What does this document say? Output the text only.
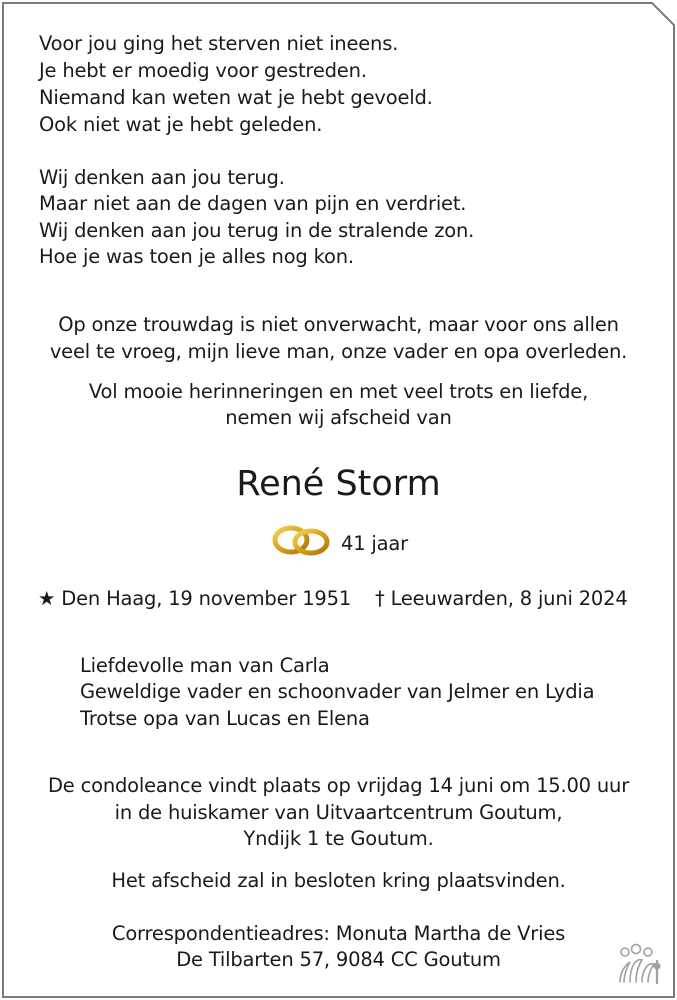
Voor jou ging het sterven niet ineens.
Je hebt er moedig voor gestreden.
Niemand kan weten wat je hebt gevoeld.
Ook niet wat je hebt geleden.
Wij denken aan jou terug.
Maar niet aan de dagen van pijn en verdriet.
Wij denken aan jou terug in de stralende zon.
Hoe je was toen je alles nog kon.
Op onze trouwdag is niet onverwacht, maar voor ons allen
veel te vroeg, mijn lieve man, onze vader en opa overleden.
Vol mooie herinneringen en met veel trots en liefde,
nemen wij afscheid van
René Storm
41 jaar
★ Den Haag, 19 november 1951 † Leeuwarden, 8 juni 2024
Liefdevolle man van Carla
Geweldige vader en schoonvader van Jelmer en Lydia
Trotse opa van Lucas en Elena
De condoleance vindt plaats op vrijdag 14 juni om 15.00 uur
in de huiskamer van Uitvaartcentrum Goutum,
Yndijk 1 te Goutum.
Het afscheid zal in besloten kring plaatsvinden.
Correspondentieadres: Monuta Martha de Vries
De Tilbarten 57, 9084 CC Goutum
